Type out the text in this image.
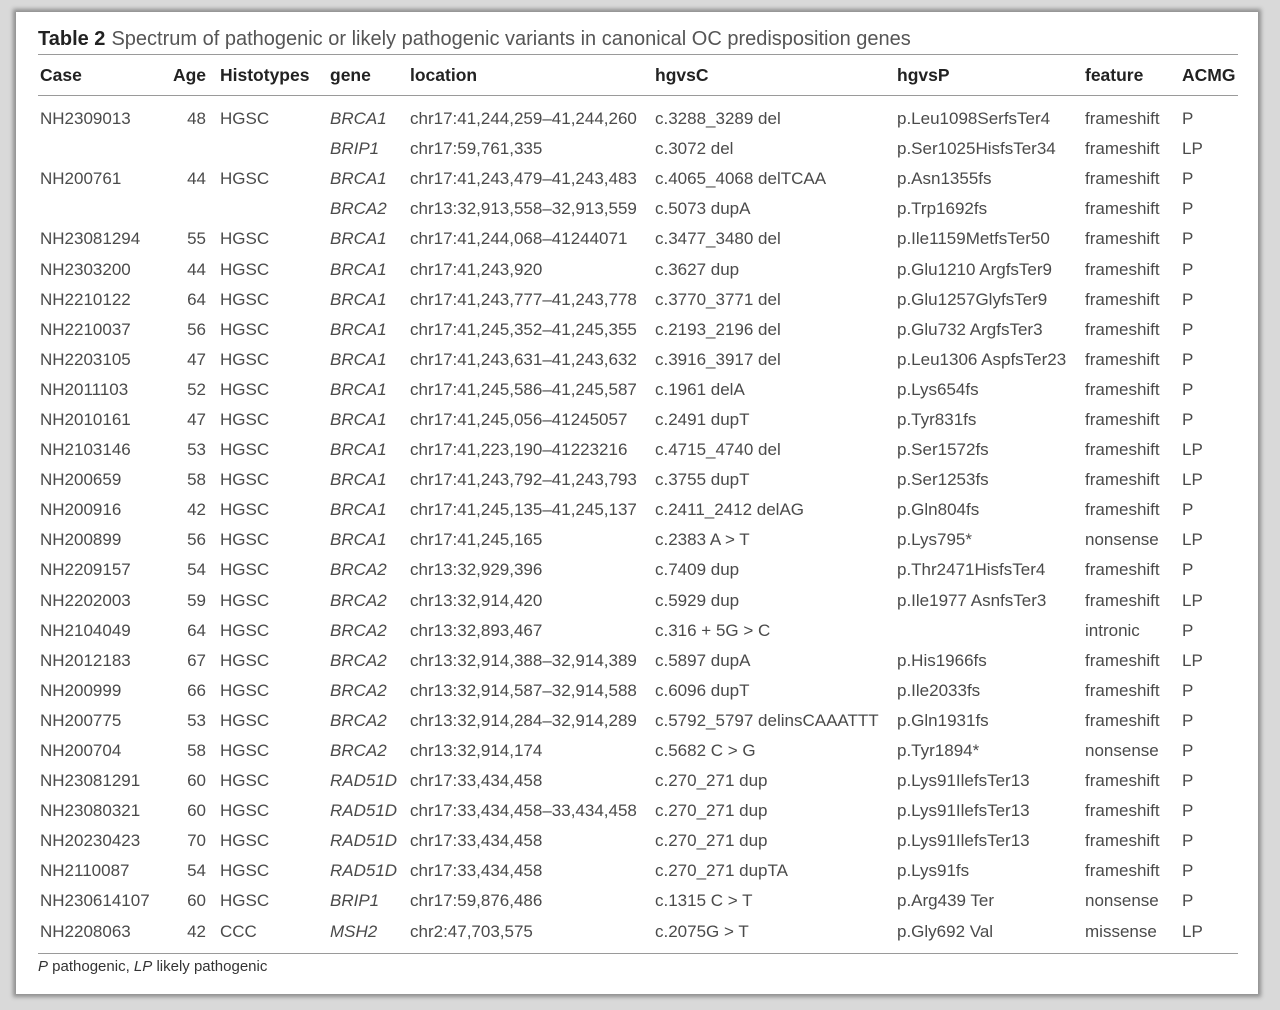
Table 2 Spectrum of pathogenic or likely pathogenic variants in canonical OC predisposition genes
Case	Age	Histotypes	gene	location	hgvsC	hgvsP	feature	ACMG
NH2309013	48	HGSC	BRCA1	chr17:41,244,259–41,244,260	c.3288_3289 del	p.Leu1098SerfsTer4	frameshift	P
			BRIP1	chr17:59,761,335	c.3072 del	p.Ser1025HisfsTer34	frameshift	LP
NH200761	44	HGSC	BRCA1	chr17:41,243,479–41,243,483	c.4065_4068 delTCAA	p.Asn1355fs	frameshift	P
			BRCA2	chr13:32,913,558–32,913,559	c.5073 dupA	p.Trp1692fs	frameshift	P
NH23081294	55	HGSC	BRCA1	chr17:41,244,068–41244071	c.3477_3480 del	p.Ile1159MetfsTer50	frameshift	P
NH2303200	44	HGSC	BRCA1	chr17:41,243,920	c.3627 dup	p.Glu1210 ArgfsTer9	frameshift	P
NH2210122	64	HGSC	BRCA1	chr17:41,243,777–41,243,778	c.3770_3771 del	p.Glu1257GlyfsTer9	frameshift	P
NH2210037	56	HGSC	BRCA1	chr17:41,245,352–41,245,355	c.2193_2196 del	p.Glu732 ArgfsTer3	frameshift	P
NH2203105	47	HGSC	BRCA1	chr17:41,243,631–41,243,632	c.3916_3917 del	p.Leu1306 AspfsTer23	frameshift	P
NH2011103	52	HGSC	BRCA1	chr17:41,245,586–41,245,587	c.1961 delA	p.Lys654fs	frameshift	P
NH2010161	47	HGSC	BRCA1	chr17:41,245,056–41245057	c.2491 dupT	p.Tyr831fs	frameshift	P
NH2103146	53	HGSC	BRCA1	chr17:41,223,190–41223216	c.4715_4740 del	p.Ser1572fs	frameshift	LP
NH200659	58	HGSC	BRCA1	chr17:41,243,792–41,243,793	c.3755 dupT	p.Ser1253fs	frameshift	LP
NH200916	42	HGSC	BRCA1	chr17:41,245,135–41,245,137	c.2411_2412 delAG	p.Gln804fs	frameshift	P
NH200899	56	HGSC	BRCA1	chr17:41,245,165	c.2383 A > T	p.Lys795*	nonsense	LP
NH2209157	54	HGSC	BRCA2	chr13:32,929,396	c.7409 dup	p.Thr2471HisfsTer4	frameshift	P
NH2202003	59	HGSC	BRCA2	chr13:32,914,420	c.5929 dup	p.Ile1977 AsnfsTer3	frameshift	LP
NH2104049	64	HGSC	BRCA2	chr13:32,893,467	c.316 + 5G > C		intronic	P
NH2012183	67	HGSC	BRCA2	chr13:32,914,388–32,914,389	c.5897 dupA	p.His1966fs	frameshift	LP
NH200999	66	HGSC	BRCA2	chr13:32,914,587–32,914,588	c.6096 dupT	p.Ile2033fs	frameshift	P
NH200775	53	HGSC	BRCA2	chr13:32,914,284–32,914,289	c.5792_5797 delinsCAAATTT	p.Gln1931fs	frameshift	P
NH200704	58	HGSC	BRCA2	chr13:32,914,174	c.5682 C > G	p.Tyr1894*	nonsense	P
NH23081291	60	HGSC	RAD51D	chr17:33,434,458	c.270_271 dup	p.Lys91IlefsTer13	frameshift	P
NH23080321	60	HGSC	RAD51D	chr17:33,434,458–33,434,458	c.270_271 dup	p.Lys91IlefsTer13	frameshift	P
NH20230423	70	HGSC	RAD51D	chr17:33,434,458	c.270_271 dup	p.Lys91IlefsTer13	frameshift	P
NH2110087	54	HGSC	RAD51D	chr17:33,434,458	c.270_271 dupTA	p.Lys91fs	frameshift	P
NH230614107	60	HGSC	BRIP1	chr17:59,876,486	c.1315 C > T	p.Arg439 Ter	nonsense	P
NH2208063	42	CCC	MSH2	chr2:47,703,575	c.2075G > T	p.Gly692 Val	missense	LP
P pathogenic, LP likely pathogenic
